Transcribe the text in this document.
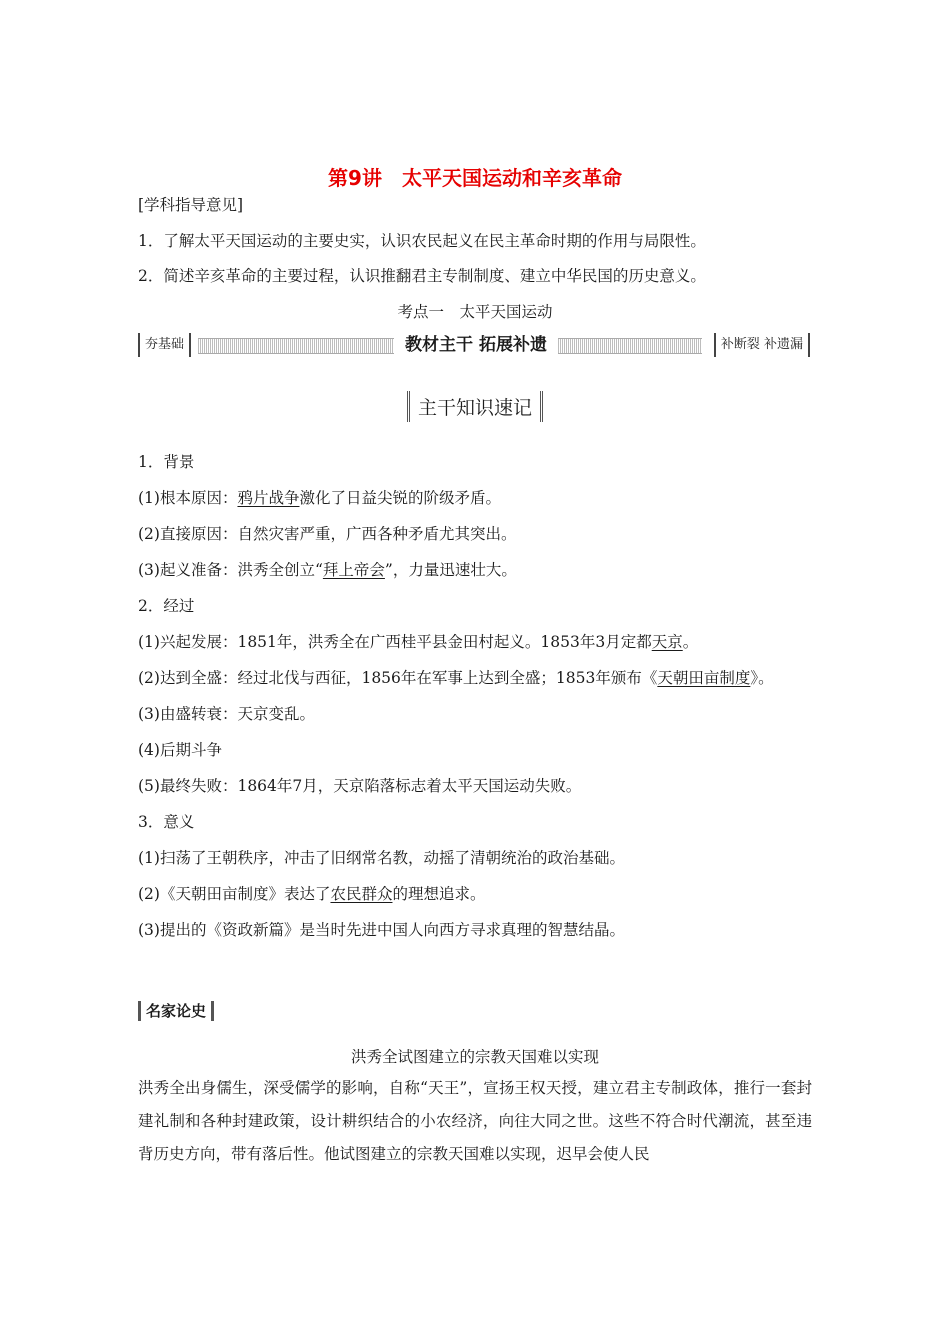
第9讲　太平天国运动和辛亥革命
[学科指导意见]
1．了解太平天国运动的主要史实，认识农民起义在民主革命时期的作用与局限性。
2．简述辛亥革命的主要过程，认识推翻君主专制制度、建立中华民国的历史意义。
考点一　太平天国运动
夯基础	教材主干 拓展补遗	补断裂 补遗漏
主干知识速记
1．背景
(1)根本原因：鸦片战争激化了日益尖锐的阶级矛盾。
(2)直接原因：自然灾害严重，广西各种矛盾尤其突出。
(3)起义准备：洪秀全创立“拜上帝会”，力量迅速壮大。
2．经过
(1)兴起发展：1851年，洪秀全在广西桂平县金田村起义。1853年3月定都天京。
(2)达到全盛：经过北伐与西征，1856年在军事上达到全盛；1853年颁布《天朝田亩制度》。
(3)由盛转衰：天京变乱。
(4)后期斗争
(5)最终失败：1864年7月，天京陷落标志着太平天国运动失败。
3．意义
(1)扫荡了王朝秩序，冲击了旧纲常名教，动摇了清朝统治的政治基础。
(2)《天朝田亩制度》表达了农民群众的理想追求。
(3)提出的《资政新篇》是当时先进中国人向西方寻求真理的智慧结晶。
名家论史
洪秀全试图建立的宗教天国难以实现
洪秀全出身儒生，深受儒学的影响，自称“天王”，宣扬王权天授，建立君主专制政体，推行一套封建礼制和各种封建政策，设计耕织结合的小农经济，向往大同之世。这些不符合时代潮流，甚至违背历史方向，带有落后性。他试图建立的宗教天国难以实现，迟早会使人民
